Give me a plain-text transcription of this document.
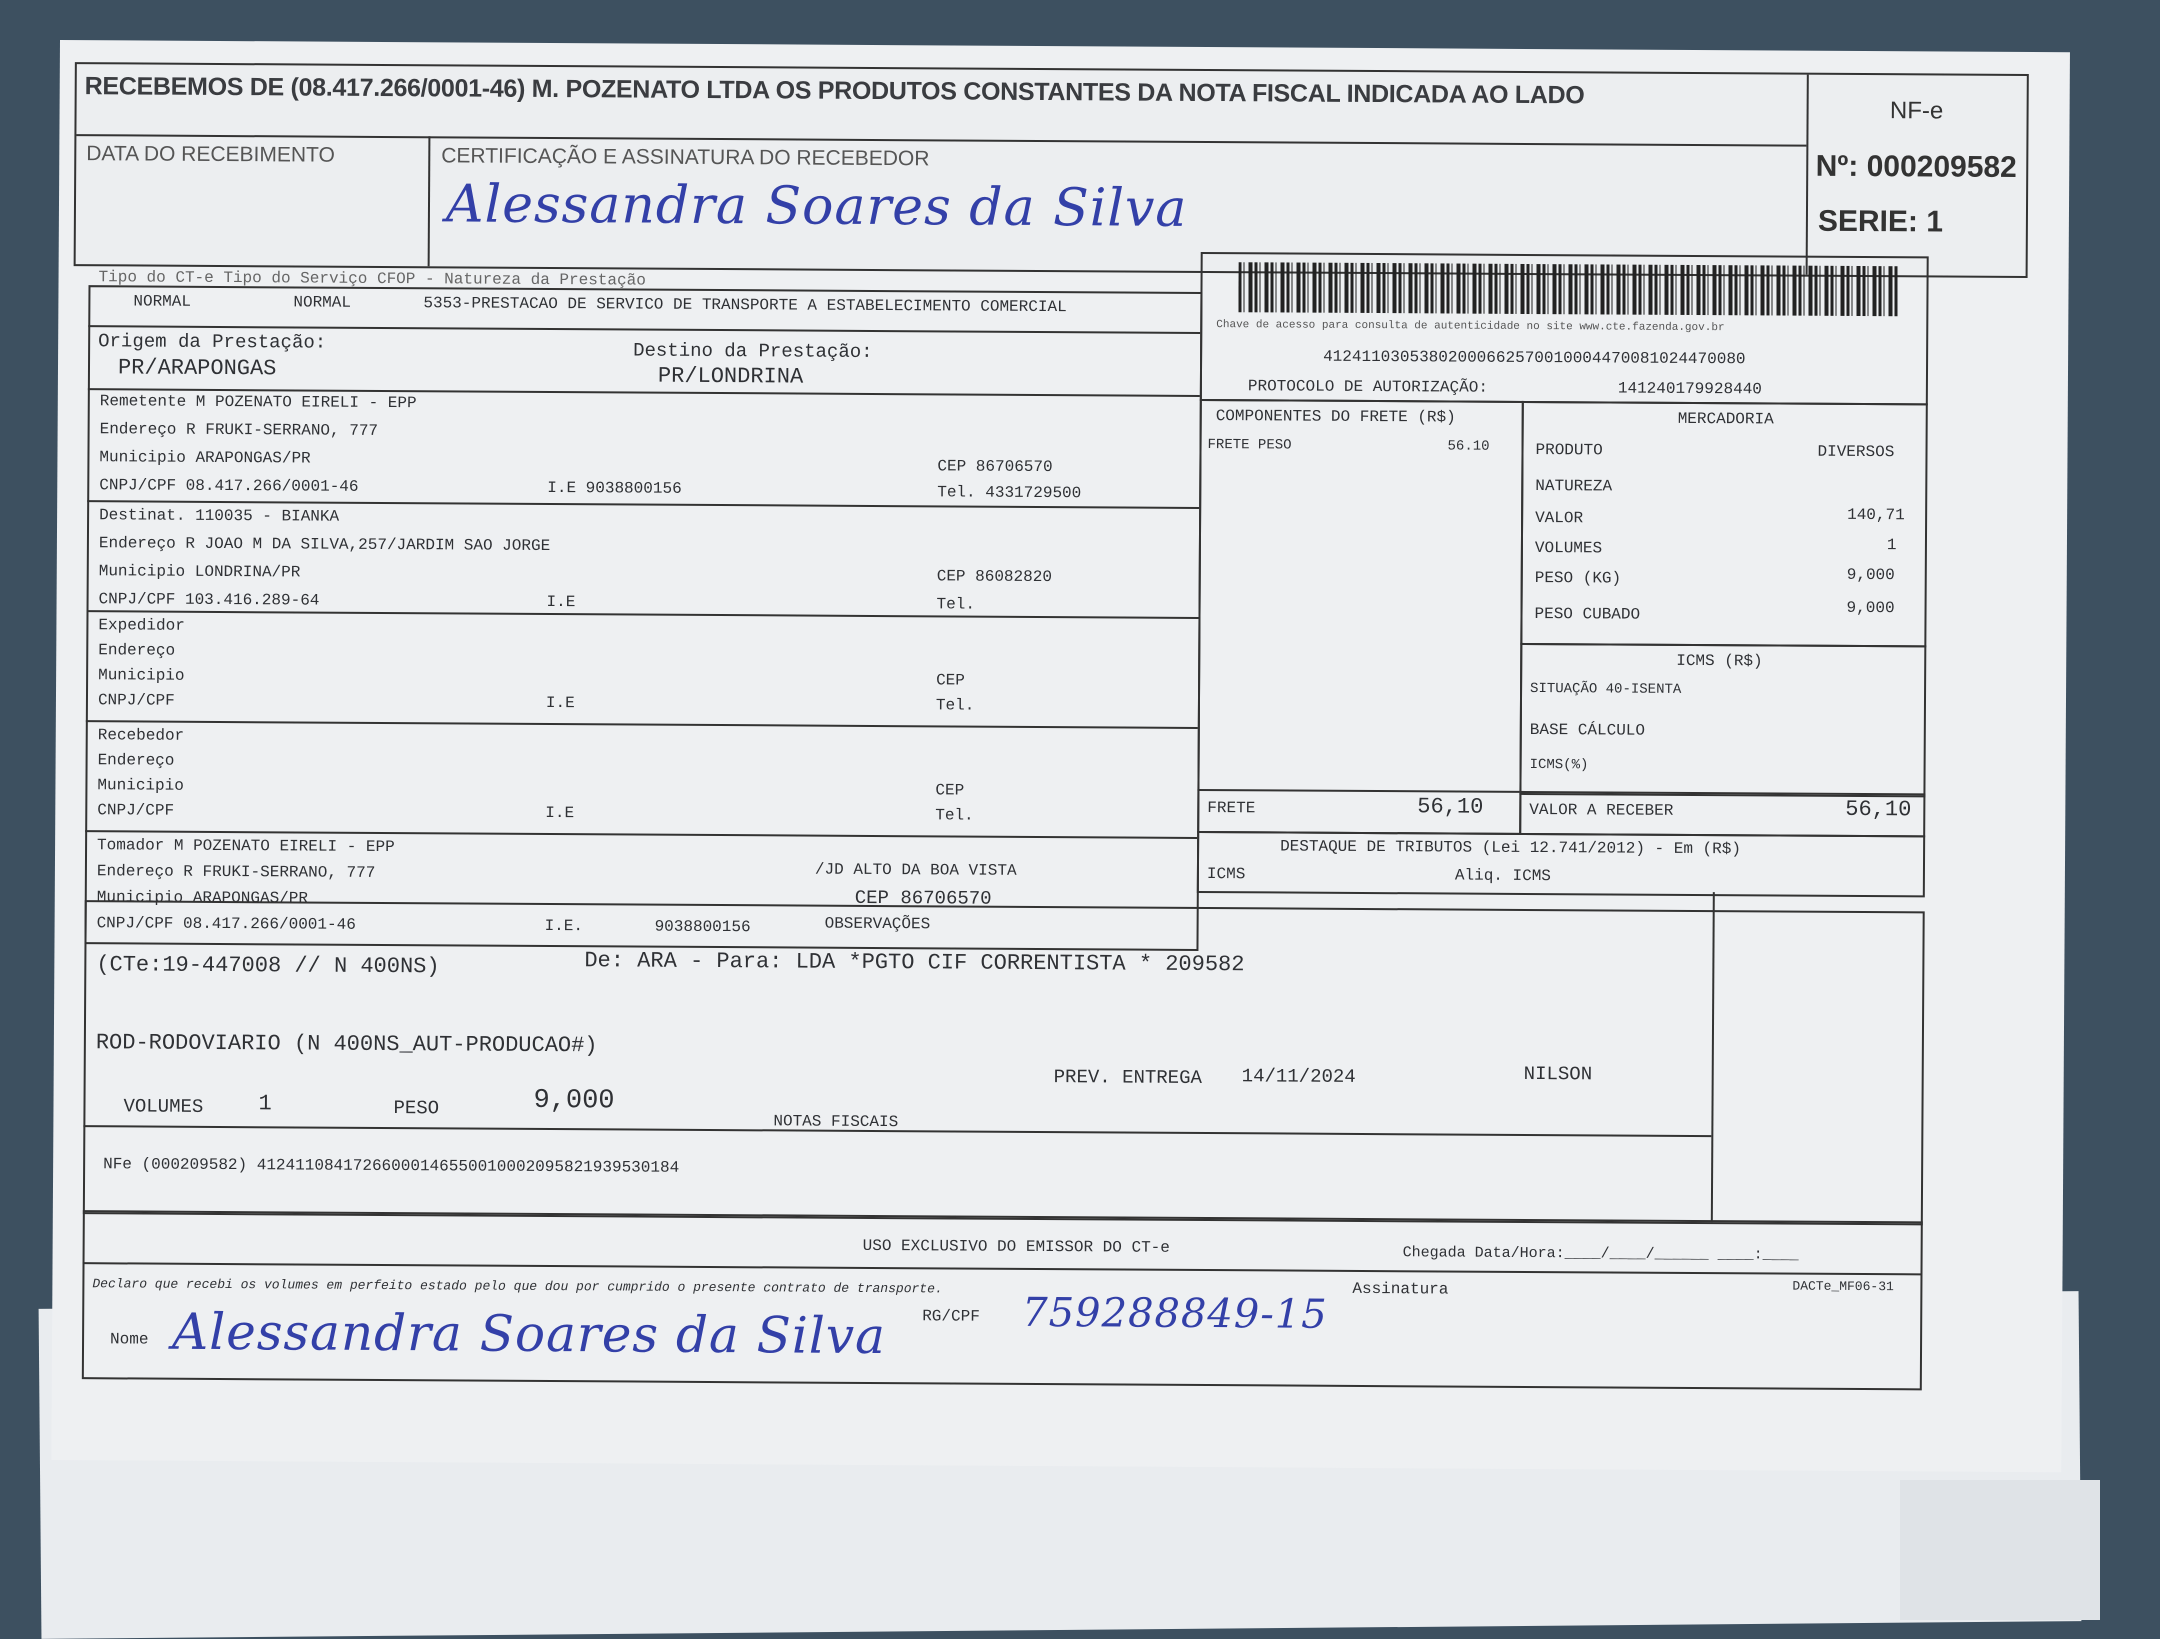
RECEBEMOS DE (08.417.266/0001-46) M. POZENATO LTDA OS PRODUTOS CONSTANTES DA NOTA FISCAL INDICADA AO LADO
DATA DO RECEBIMENTO	CERTIFICAÇÃO E ASSINATURA DO RECEBEDOR
Alessandra Soares da Silva
NF-e
Nº: 000209582
SERIE: 1
Tipo do CT-e Tipo do Serviço CFOP - Natureza da Prestação
NORMAL	NORMAL	5353-PRESTACAO DE SERVICO DE TRANSPORTE A ESTABELECIMENTO COMERCIAL
Origem da Prestação:
PR/ARAPONGAS
Destino da Prestação:
PR/LONDRINA
Remetente M POZENATO EIRELI - EPP
Endereço R FRUKI-SERRANO, 777
Municipio ARAPONGAS/PR
CNPJ/CPF 08.417.266/0001-46	I.E 9038800156
CEP 86706570
Tel. 4331729500
Destinat. 110035 - BIANKA
Endereço R JOAO M DA SILVA,257/JARDIM SAO JORGE
Municipio LONDRINA/PR
CNPJ/CPF 103.416.289-64	I.E
CEP 86082820
Tel.
Expedidor
Endereço
Municipio
CNPJ/CPF	I.E
CEP
Tel.
Recebedor
Endereço
Municipio
CNPJ/CPF	I.E
CEP
Tel.
Tomador M POZENATO EIRELI - EPP
Endereço R FRUKI-SERRANO, 777
Municipio ARAPONGAS/PR
CNPJ/CPF 08.417.266/0001-46	I.E.	9038800156
/JD ALTO DA BOA VISTA
CEP 86706570
Chave de acesso para consulta de autenticidade no site www.cte.fazenda.gov.br
41241103053802000662570010004470081024470080
PROTOCOLO DE AUTORIZAÇÃO:	141240179928440
COMPONENTES DO FRETE (R$)
FRETE PESO	56.10
FRETE	56,10
MERCADORIA
PRODUTO	DIVERSOS
NATUREZA
VALOR	140,71
VOLUMES	1
PESO (KG)	9,000
PESO CUBADO	9,000
ICMS (R$)
SITUAÇÃO 40-ISENTA
BASE CÁLCULO
ICMS(%)
VALOR A RECEBER	56,10
DESTAQUE DE TRIBUTOS (Lei 12.741/2012) - Em (R$)
ICMS	Aliq. ICMS
OBSERVAÇÕES
(CTe:19-447008 // N 400NS)	De: ARA - Para: LDA *PGTO CIF CORRENTISTA * 209582
ROD-RODOVIARIO (N 400NS_AUT-PRODUCAO#)
PREV. ENTREGA 14/11/2024	NILSON
VOLUMES	1	PESO	9,000
NOTAS FISCAIS
NFe (000209582) 41241108417266000146550010002095821939530184
USO EXCLUSIVO DO EMISSOR DO CT-e	Chegada Data/Hora:____/____/______ ____:____
Declaro que recebi os volumes em perfeito estado pelo que dou por cumprido o presente contrato de transporte.	Assinatura	DACTe_MF06-31
Nome Alessandra Soares da Silva RG/CPF 759288849-15
